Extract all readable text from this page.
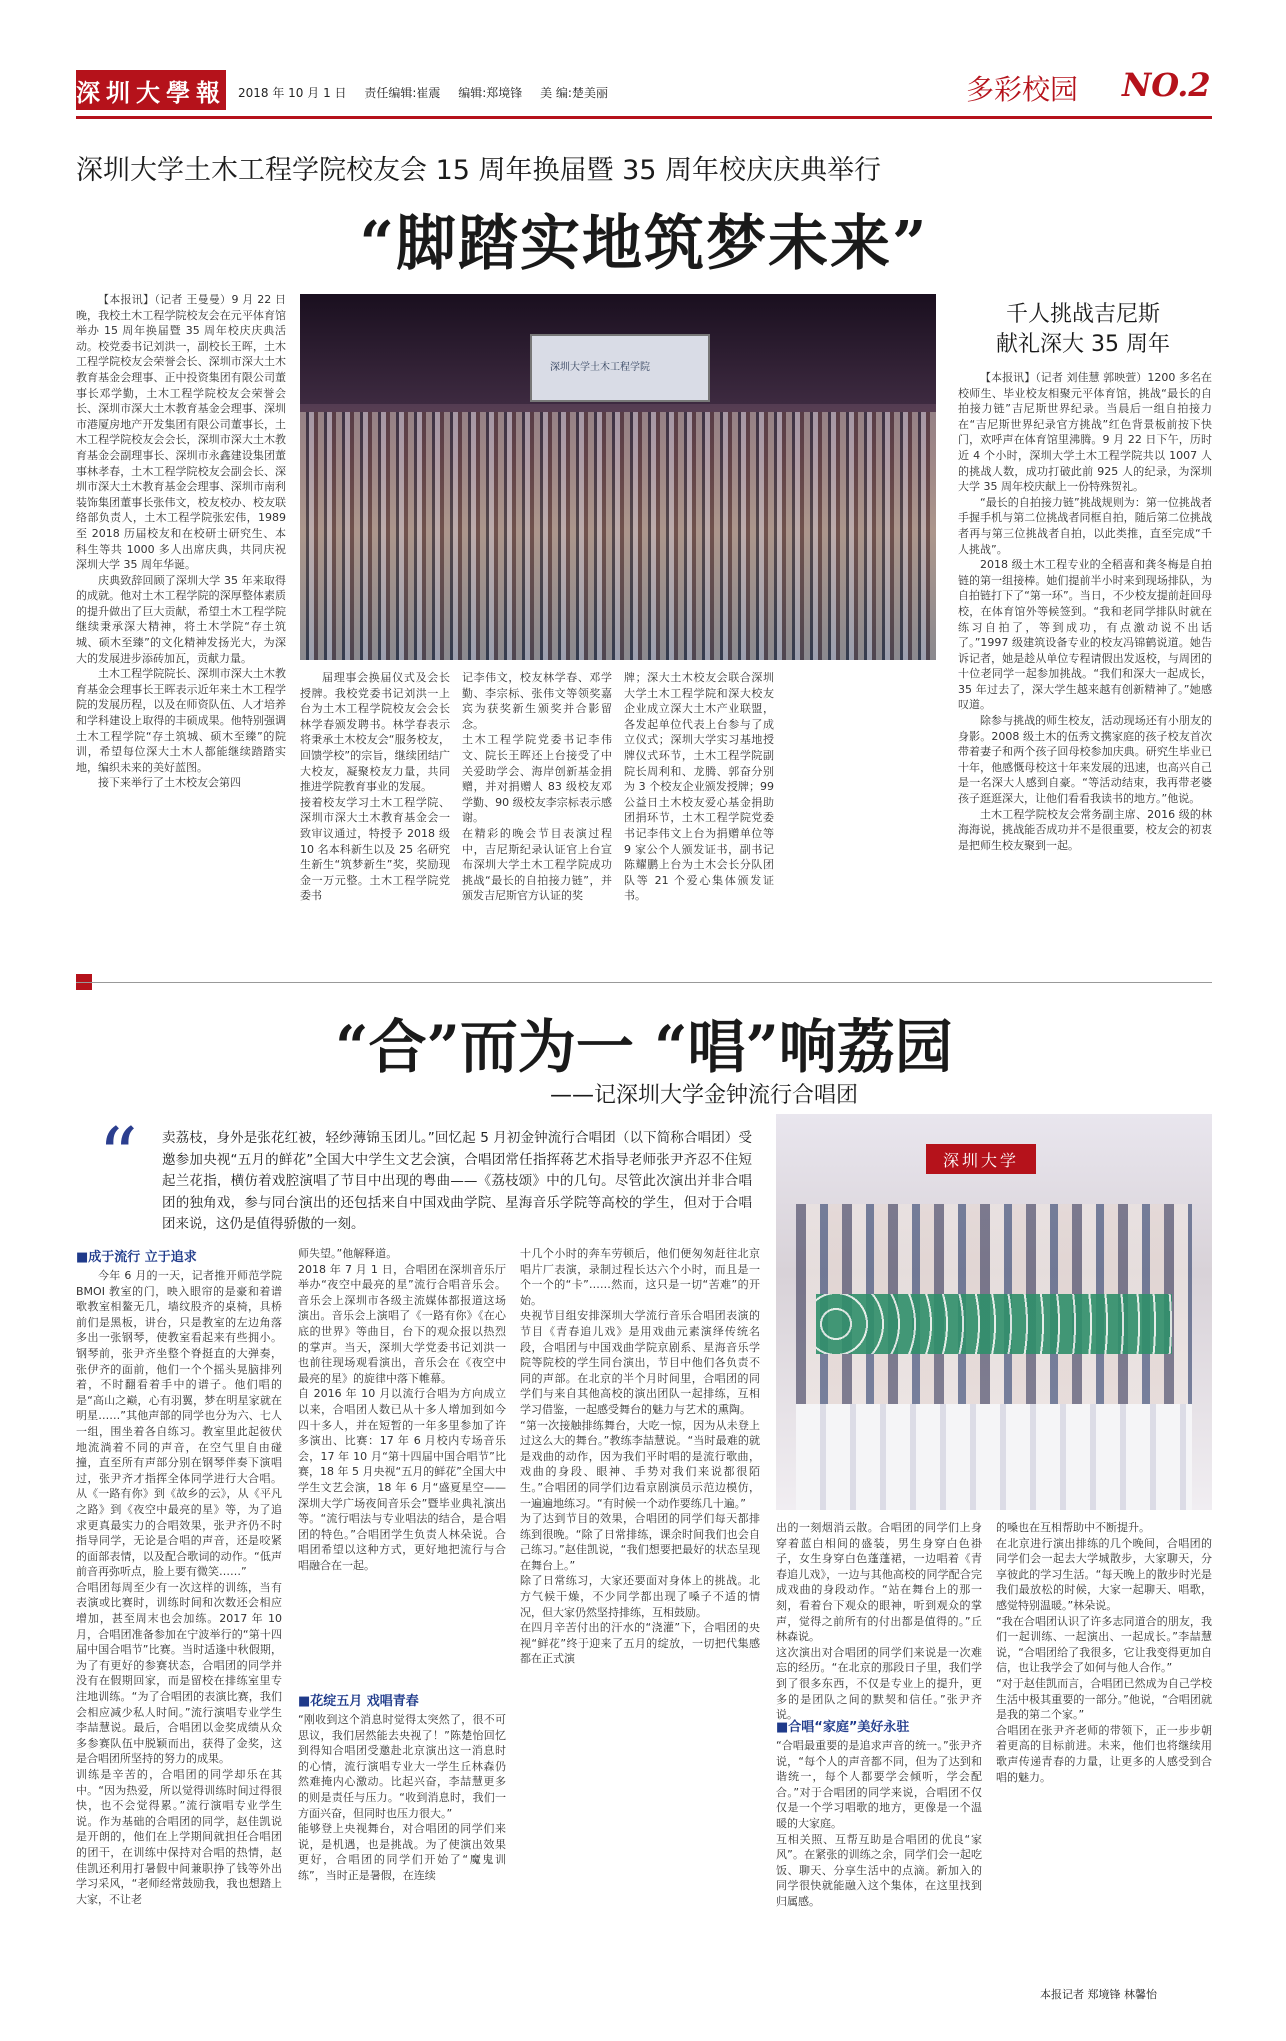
深圳大學報 2018 年 10 月 1 日 责任编辑:崔震 编辑:郑境锋 美 编:楚美丽	多彩校园 NO.2
深圳大学土木工程学院校友会 15 周年换届暨 35 周年校庆庆典举行
“脚踏实地筑梦未来”

【本报讯】（记者 王曼曼）9 月 22 日晚，我校土木工程学院校友会在元平体育馆举办 15 周年换届暨 35 周年校庆庆典活动。校党委书记刘洪一，副校长王晖，土木工程学院校友会荣誉会长、深圳市深大土木教育基金会理事、正中投资集团有限公司董事长邓学勤，土木工程学院校友会荣誉会长、深圳市深大土木教育基金会理事、深圳市港厦房地产开发集团有限公司董事长，土木工程学院校友会会长，深圳市深大土木教育基金会副理事长、深圳市永鑫建设集团董事林孝春，土木工程学院校友会副会长、深圳市深大土木教育基金会理事、深圳市南利装饰集团董事长张伟文，校友校办、校友联络部负责人，土木工程学院张宏伟，1989 至 2018 历届校友和在校研士研究生、本科生等共 1000 多人出席庆典，共同庆祝深圳大学 35 周年华诞。

庆典致辞回顾了深圳大学 35 年来取得的成就。他对土木工程学院的深厚整体素质的提升做出了巨大贡献，希望土木工程学院继续秉承深大精神，将土木学院“存土筑城、硕木至臻”的文化精神发扬光大，为深大的发展进步添砖加瓦，贡献力量。

土木工程学院院长、深圳市深大土木教育基金会理事长王晖表示近年来土木工程学院的发展历程，以及在师资队伍、人才培养和学科建设上取得的丰硕成果。他特别强调土木工程学院“存土筑城、硕木至臻”的院训，希望每位深大土木人都能继续踏踏实地，编织未来的美好蓝图。

接下来举行了土木校友会第四

深圳大学土木工程学院
届理事会换届仪式及会长授牌。我校党委书记刘洪一上台为土木工程学院校友会会长林学春颁发聘书。林学春表示将秉承土木校友会“服务校友，回馈学校”的宗旨，继续团结广大校友，凝聚校友力量，共同推进学院教育事业的发展。
接着校友学习土木工程学院、深圳市深大土木教育基金会一致审议通过，特授予 2018 级 10 名本科新生以及 25 名研究生新生“筑梦新生”奖，奖励现金一万元整。土木工程学院党委书
记李伟文，校友林学春、邓学勤、李宗标、张伟文等领奖嘉宾为获奖新生颁奖并合影留念。
土木工程学院党委书记李伟文、院长王晖还上台接受了中关爱助学会、海岸创新基金捐赠，并对捐赠人 83 级校友邓学勤、90 级校友李宗标表示感谢。
在精彩的晚会节目表演过程中，吉尼斯纪录认证官上台宣布深圳大学土木工程学院成功挑战“最长的自拍接力链”，并颁发吉尼斯官方认证的奖
牌；深大土木校友会联合深圳大学土木工程学院和深大校友企业成立深大土木产业联盟，各发起单位代表上台参与了成立仪式；深圳大学实习基地授牌仪式环节，土木工程学院副院长周利和、龙腾、郭奋分别为 3 个校友企业颁发授牌；99 公益日土木校友爱心基金捐助团捐环节，土木工程学院党委书记李伟文上台为捐赠单位等 9 家公个人颁发证书，副书记陈耀鹏上台为土木会长分队团队等 21 个爱心集体颁发证书。
千人挑战吉尼斯
献礼深大 35 周年

【本报讯】（记者 刘佳慧 郭映萱）1200 多名在校师生、毕业校友相聚元平体育馆，挑战“最长的自拍接力链”吉尼斯世界纪录。当晨后一组自拍接力在“吉尼斯世界纪录官方挑战”红色背景板前按下快门，欢呼声在体育馆里沸腾。9 月 22 日下午，历时近 4 个小时，深圳大学土木工程学院共以 1007 人的挑战人数，成功打破此前 925 人的纪录，为深圳大学 35 周年校庆献上一份特殊贺礼。

“最长的自拍接力链”挑战规则为：第一位挑战者手握手机与第二位挑战者同框自拍，随后第二位挑战者再与第三位挑战者自拍，以此类推，直至完成“千人挑战”。

2018 级土木工程专业的全稻喜和龚冬梅是自拍链的第一组接棒。她们提前半小时来到现场排队，为自拍链打下了“第一环”。当日，不少校友提前赶回母校，在体育馆外等候签到。“我和老同学排队时就在练习自拍了，等到成功，有点激动说不出话了。”1997 级建筑设备专业的校友冯锦鹤说道。她告诉记者，她是趁从单位专程请假出发返校，与周团的十位老同学一起参加挑战。“我们和深大一起成长，35 年过去了，深大学生越来越有创新精神了。”她感叹道。

除参与挑战的师生校友，活动现场还有小朋友的身影。2008 级土木的伍秀文携家庭的孩子校友首次带着妻子和两个孩子回母校参加庆典。研究生毕业已十年，他感慨母校这十年来发展的迅速，也高兴自己是一名深大人感到自豪。“等活动结束，我再带老婆孩子逛逛深大，让他们看看我读书的地方。”他说。

土木工程学院校友会常务副主席、2016 级的林海海说，挑战能否成功并不是很重要，校友会的初衷是把师生校友聚到一起。

“合”而为一 “唱”响荔园
——记深圳大学金钟流行合唱团
“ 卖荔枝，身外是张花红被，轻纱薄锦玉团儿。”回忆起 5 月初金钟流行合唱团（以下简称合唱团）受邀参加央视“五月的鲜花”全国大中学生文艺会演，合唱团常任指挥蒋艺术指导老师张尹齐忍不住短起兰花指，横仿着戏腔演唱了节目中出现的粤曲——《荔枝颂》中的几句。尽管此次演出并非合唱团的独角戏，参与同台演出的还包括来自中国戏曲学院、星海音乐学院等高校的学生，但对于合唱团来说，这仍是值得骄傲的一刻。
深圳大学
■成于流行 立于追求
今年 6 月的一天，记者推开师范学院 BMOI 教室的门，映入眼帘的是豪和着谱歌教室相鳌无几，墙纹股齐的桌椅，具桥前们是黑板，讲台，只是教室的左边角落多出一张钢琴，使教室看起来有些拥小。钢琴前，张尹齐坐整个脊挺直的大弹奏，张伊齐的面前，他们一个个摇头晃脑排列着，不时翻看着手中的谱子。他们唱的是“高山之巅，心有羽翼，梦在明星家就在明星……”其他声部的同学也分为六、七人一组，围坐着各自练习。教室里此起彼伏地流淌着不同的声音，在空气里自由碰撞，直至所有声部分别在钢琴伴奏下演唱过，张尹齐才指挥全体同学进行大合唱。从《一路有你》到《故乡的云》，从《平凡之路》到《夜空中最亮的星》等，为了追求更真最实力的合唱效果，张尹齐仍不时指导同学，无论是合唱的声音，还是咬紧的面部表情，以及配合歌词的动作。“低声前音再弥听点，脸上要有微笑……”
合唱团每周至少有一次这样的训练，当有表演或比赛时，训练时间和次数还会相应增加，甚至周末也会加练。2017 年 10 月，合唱团准备参加在宁波举行的“第十四届中国合唱节”比赛。当时适逢中秋假期，为了有更好的参赛状态，合唱团的同学并没有在假期回家，而是留校在排练室里专注地训练。“为了合唱团的表演比赛，我们会相应减少私人时间。”流行演唱专业学生李喆慧说。最后，合唱团以金奖成绩从众多参赛队伍中脱颖而出，获得了金奖，这是合唱团所坚持的努力的成果。
训练是辛苦的，合唱团的同学却乐在其中。“因为热爱，所以觉得训练时间过得很快，也不会觉得累。”流行演唱专业学生说。作为基础的合唱团的同学，赵佳凯说是开朗的，他们在上学期间就担任合唱团的团干，在训练中保持对合唱的热情，赵佳凯还利用打暑假中间兼职挣了钱等外出学习采风，“老师经常鼓励我，我也想踏上大家，不让老
师失望。”他解释道。
2018 年 7 月 1 日，合唱团在深圳音乐厅举办“夜空中最亮的星”流行合唱音乐会。音乐会上深圳市各级主流媒体都报道这场演出。音乐会上演唱了《一路有你》《在心底的世界》等曲目，台下的观众报以热烈的掌声。当天，深圳大学党委书记刘洪一也前往现场观看演出，音乐会在《夜空中最亮的星》的旋律中落下帷幕。
自 2016 年 10 月以流行合唱为方向成立以来，合唱团人数已从十多人增加到如今四十多人，并在短暂的一年多里参加了许多演出、比赛：17 年 6 月校内专场音乐会，17 年 10 月“第十四届中国合唱节”比赛，18 年 5 月央视“五月的鲜花”全国大中学生文艺会演，18 年 6 月“盛夏星空——深圳大学广场夜间音乐会”暨毕业典礼演出等。“流行唱法与专业唱法的结合，是合唱团的特色。”合唱团学生负责人林朵说。合唱团希望以这种方式，更好地把流行与合唱融合在一起。
■花绽五月 戏唱青春
“刚收到这个消息时觉得太突然了，很不可思议，我们居然能去央视了！”陈楚怡回忆到得知合唱团受邀赴北京演出这一消息时的心情，流行演唱专业大一学生丘林森仍然难掩内心激动。比起兴奋，李喆慧更多的则是责任与压力。“收到消息时，我们一方面兴奋，但同时也压力很大。”
能够登上央视舞台，对合唱团的同学们来说，是机遇，也是挑战。为了使演出效果更好，合唱团的同学们开始了“魔鬼训练”，当时正是暑假，在连续
十几个小时的奔车劳顿后，他们便匆匆赶往北京唱片厂表演，录制过程长达六个小时，而且是一个一个的“卡”……然而，这只是一切“苦难”的开始。
央视节目组安排深圳大学流行音乐合唱团表演的节目《青春追儿戏》是用戏曲元素演绎传统名段，合唱团与中国戏曲学院京剧系、星海音乐学院等院校的学生同台演出，节目中他们各负责不同的声部。在北京的半个月时间里，合唱团的同学们与来自其他高校的演出团队一起排练，互相学习借鉴，一起感受舞台的魅力与艺术的熏陶。
“第一次接触排练舞台，大吃一惊，因为从未登上过这么大的舞台。”教练李喆慧说。“当时最难的就是戏曲的动作，因为我们平时唱的是流行歌曲，戏曲的身段、眼神、手势对我们来说都很陌生。”合唱团的同学们边看京剧演员示范边模仿，一遍遍地练习。“有时候一个动作要练几十遍。”
为了达到节目的效果，合唱团的同学们每天都排练到很晚。“除了日常排练，课余时间我们也会自己练习。”赵佳凯说，“我们想要把最好的状态呈现在舞台上。”
除了日常练习，大家还要面对身体上的挑战。北方气候干燥，不少同学都出现了嗓子不适的情况，但大家仍然坚持排练，互相鼓励。
在四月辛苦付出的汗水的“浇灌”下，合唱团的央视“鲜花”终于迎来了五月的绽放，一切把代集感都在正式演
出的一刻烟消云散。合唱团的同学们上身穿着蓝白相间的盛装，男生身穿白色褂子，女生身穿白色蓬蓬裙，一边唱着《青春追儿戏》，一边与其他高校的同学配合完成戏曲的身段动作。“站在舞台上的那一刻，看着台下观众的眼神，听到观众的掌声，觉得之前所有的付出都是值得的。”丘林森说。
这次演出对合唱团的同学们来说是一次难忘的经历。“在北京的那段日子里，我们学到了很多东西，不仅是专业上的提升，更多的是团队之间的默契和信任。”张尹齐说。
■合唱“家庭”美好永驻
“合唱最重要的是追求声音的统一。”张尹齐说，“每个人的声音都不同，但为了达到和谐统一，每个人都要学会倾听，学会配合。”对于合唱团的同学来说，合唱团不仅仅是一个学习唱歌的地方，更像是一个温暖的大家庭。
互相关照、互帮互助是合唱团的优良“家风”。在紧张的训练之余，同学们会一起吃饭、聊天、分享生活中的点滴。新加入的同学很快就能融入这个集体，在这里找到归属感。
的嗓也在互相帮助中不断提升。
在北京进行演出排练的几个晚间，合唱团的同学们会一起去大学城散步，大家聊天，分享彼此的学习生活。“每天晚上的散步时光是我们最放松的时候，大家一起聊天、唱歌，感觉特别温暖。”林朵说。
“我在合唱团认识了许多志同道合的朋友，我们一起训练、一起演出、一起成长。”李喆慧说，“合唱团给了我很多，它让我变得更加自信，也让我学会了如何与他人合作。”
“对于赵佳凯而言，合唱团已然成为自己学校生活中极其重要的一部分。”他说，“合唱团就是我的第二个家。”
合唱团在张尹齐老师的带领下，正一步步朝着更高的目标前进。未来，他们也将继续用歌声传递青春的力量，让更多的人感受到合唱的魅力。
本报记者 郑境锋 林馨怡
